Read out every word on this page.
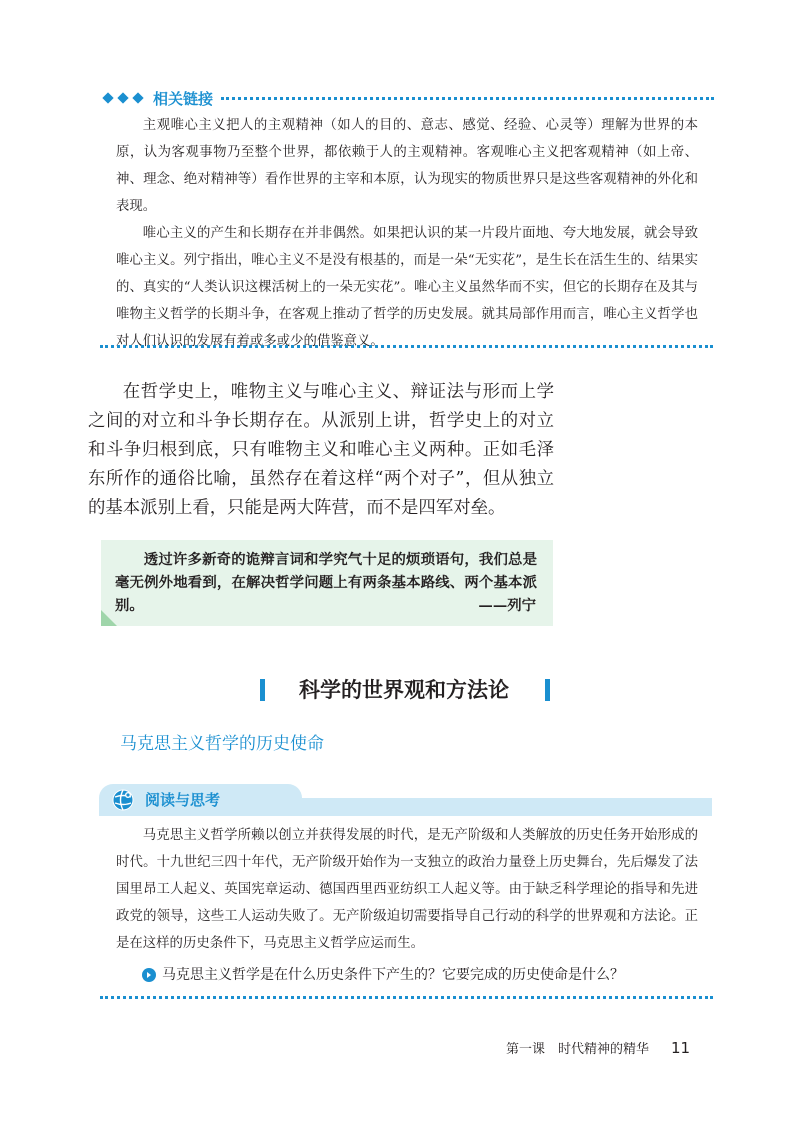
相关链接

主观唯心主义把人的主观精神（如人的目的、意志、感觉、经验、心灵等）理解为世界的本原，认为客观事物乃至整个世界，都依赖于人的主观精神。客观唯心主义把客观精神（如上帝、神、理念、绝对精神等）看作世界的主宰和本原，认为现实的物质世界只是这些客观精神的外化和表现。

唯心主义的产生和长期存在并非偶然。如果把认识的某一片段片面地、夸大地发展，就会导致唯心主义。列宁指出，唯心主义不是没有根基的，而是一朵“无实花”，是生长在活生生的、结果实的、真实的“人类认识这棵活树上的一朵无实花”。唯心主义虽然华而不实，但它的长期存在及其与唯物主义哲学的长期斗争，在客观上推动了哲学的历史发展。就其局部作用而言，唯心主义哲学也对人们认识的发展有着或多或少的借鉴意义。

在哲学史上，唯物主义与唯心主义、辩证法与形而上学之间的对立和斗争长期存在。从派别上讲，哲学史上的对立和斗争归根到底，只有唯物主义和唯心主义两种。正如毛泽东所作的通俗比喻，虽然存在着这样“两个对子”，但从独立的基本派别上看，只能是两大阵营，而不是四军对垒。

透过许多新奇的诡辩言词和学究气十足的烦琐语句，我们总是毫无例外地看到，在解决哲学问题上有两条基本路线、两个基本派别。	——列宁
科学的世界观和方法论
马克思主义哲学的历史使命
阅读与思考

马克思主义哲学所赖以创立并获得发展的时代，是无产阶级和人类解放的历史任务开始形成的时代。十九世纪三四十年代，无产阶级开始作为一支独立的政治力量登上历史舞台，先后爆发了法国里昂工人起义、英国宪章运动、德国西里西亚纺织工人起义等。由于缺乏科学理论的指导和先进政党的领导，这些工人运动失败了。无产阶级迫切需要指导自己行动的科学的世界观和方法论。正是在这样的历史条件下，马克思主义哲学应运而生。

马克思主义哲学是在什么历史条件下产生的？它要完成的历史使命是什么？
第一课　时代精神的精华 11
